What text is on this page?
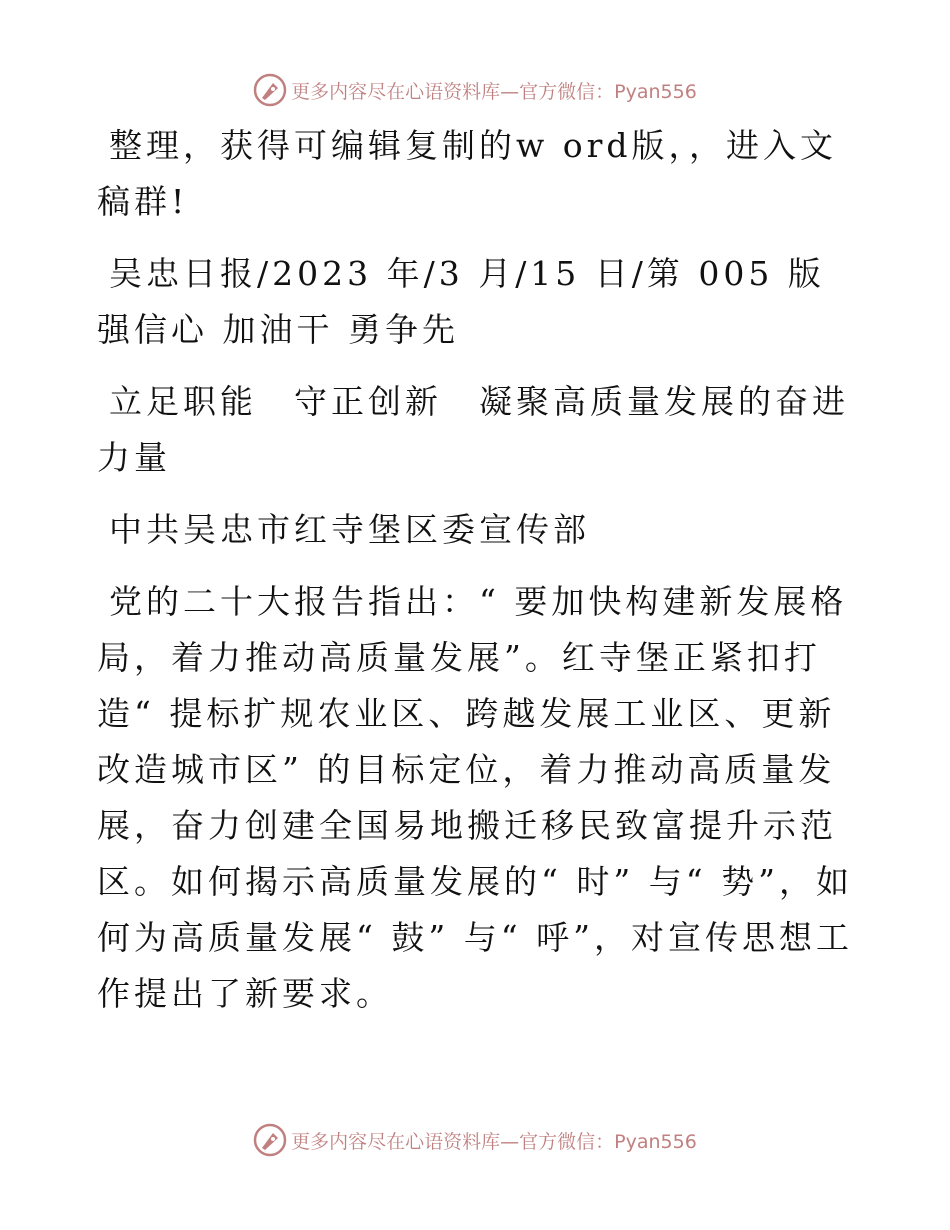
更多内容尽在心语资料库—官方微信：Pyan556

整理，获得可编辑复制的w ord版，，进入文稿群!

吴忠日报/2023 年/3 月/15 日/第 005 版强信心 加油干 勇争先

立足职能　守正创新　凝聚高质量发展的奋进力量

中共吴忠市红寺堡区委宣传部

党的二十大报告指出：“ 要加快构建新发展格局，着力推动高质量发展”。红寺堡正紧扣打造“ 提标扩规农业区、跨越发展工业区、更新改造城市区” 的目标定位，着力推动高质量发展，奋力创建全国易地搬迁移民致富提升示范区。如何揭示高质量发展的“ 时” 与“ 势”，如何为高质量发展“ 鼓” 与“ 呼”，对宣传思想工作提出了新要求。

更多内容尽在心语资料库—官方微信：Pyan556
